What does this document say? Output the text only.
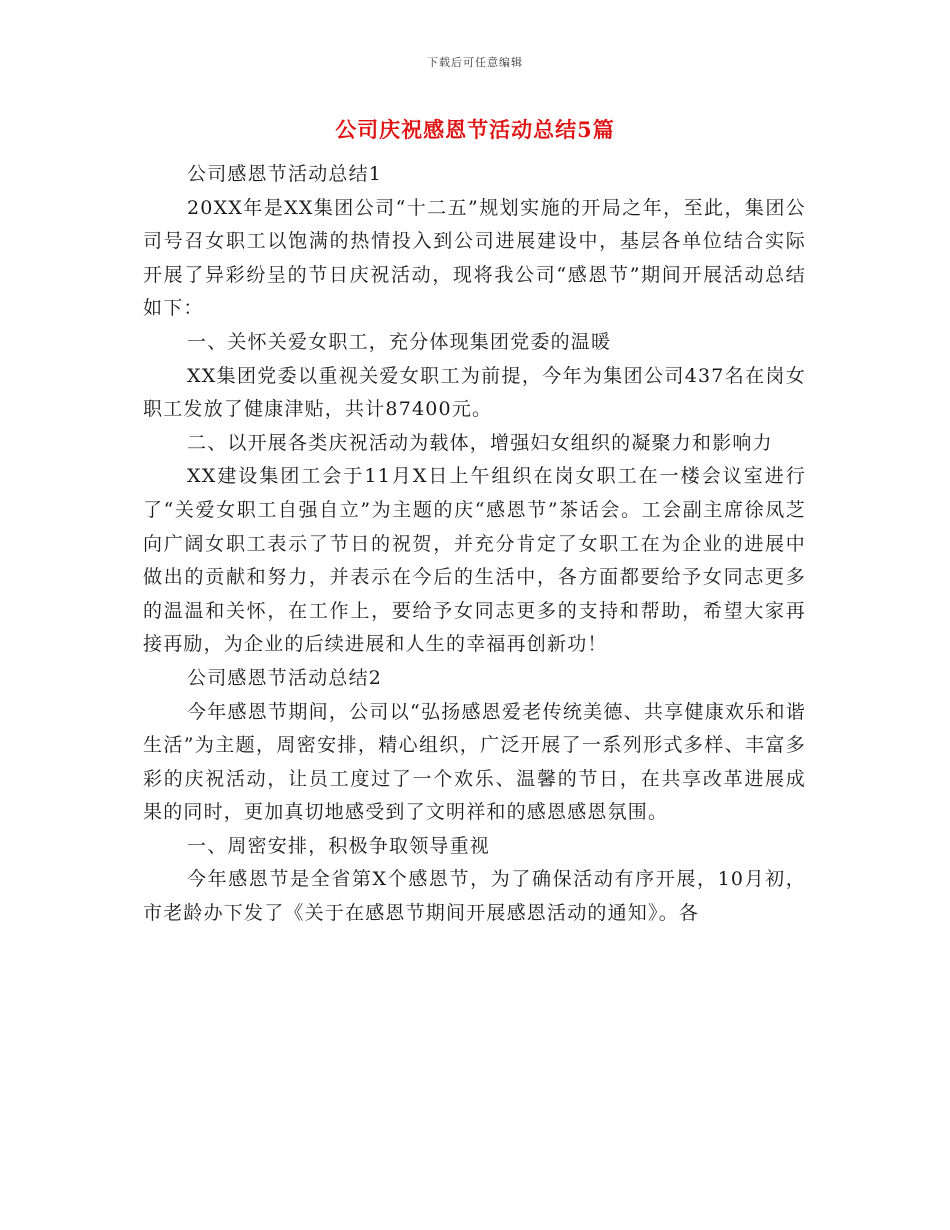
下载后可任意编辑
公司庆祝感恩节活动总结5篇

公司感恩节活动总结1

20XX年是XX集团公司“十二五”规划实施的开局之年，至此，集团公司号召女职工以饱满的热情投入到公司进展建设中，基层各单位结合实际开展了异彩纷呈的节日庆祝活动，现将我公司“感恩节”期间开展活动总结如下：

一、关怀关爱女职工，充分体现集团党委的温暖

XX集团党委以重视关爱女职工为前提，今年为集团公司437名在岗女职工发放了健康津贴，共计87400元。

二、以开展各类庆祝活动为载体，增强妇女组织的凝聚力和影响力

XX建设集团工会于11月X日上午组织在岗女职工在一楼会议室进行了“关爱女职工自强自立”为主题的庆“感恩节”茶话会。工会副主席徐凤芝向广阔女职工表示了节日的祝贺，并充分肯定了女职工在为企业的进展中做出的贡献和努力，并表示在今后的生活中，各方面都要给予女同志更多的温温和关怀，在工作上，要给予女同志更多的支持和帮助，希望大家再接再励，为企业的后续进展和人生的幸福再创新功！

公司感恩节活动总结2

今年感恩节期间，公司以“弘扬感恩爱老传统美德、共享健康欢乐和谐生活”为主题，周密安排，精心组织，广泛开展了一系列形式多样、丰富多彩的庆祝活动，让员工度过了一个欢乐、温馨的节日，在共享改革进展成果的同时，更加真切地感受到了文明祥和的感恩感恩氛围。

一、周密安排，积极争取领导重视

今年感恩节是全省第X个感恩节，为了确保活动有序开展，10月初，市老龄办下发了《关于在感恩节期间开展感恩活动的通知》。各
